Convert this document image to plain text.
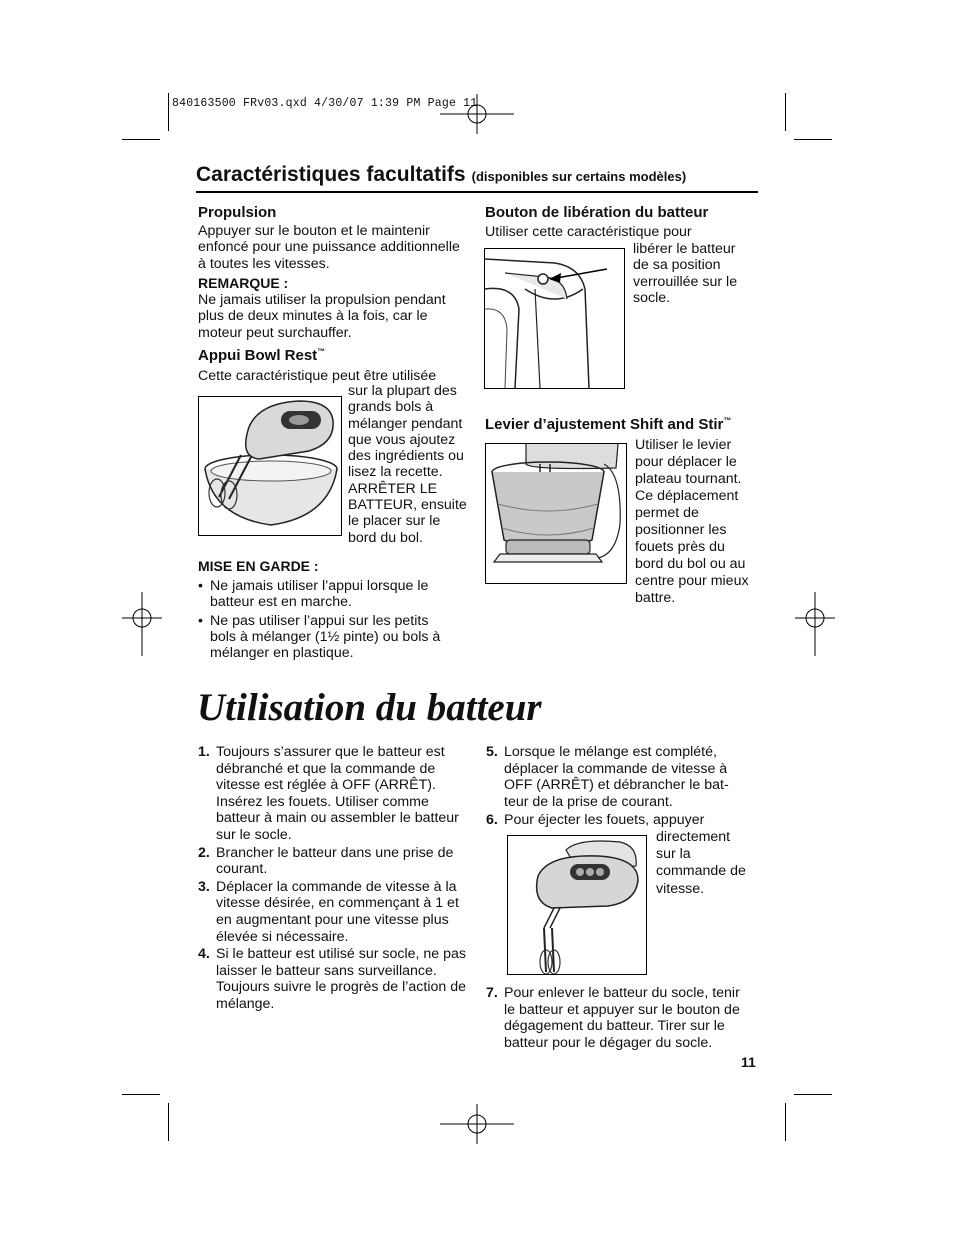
840163500 FRv03.qxd 4/30/07 1:39 PM Page 11
Caractéristiques facultatifs (disponibles sur certains modèles)
Propulsion
Appuyer sur le bouton et le maintenir enfoncé pour une puissance additionnelle à toutes les vitesses.
REMARQUE :
Ne jamais utiliser la propulsion pendant plus de deux minutes à la fois, car le moteur peut surchauffer.
Appui Bowl Rest™
Cette caractéristique peut être utilisée
sur la plupart des grands bols à mélanger pendant que vous ajoutez des ingrédients ou lisez la recette. ARRÊTER LE BATTEUR, ensuite le placer sur le bord du bol.
MISE EN GARDE :
• Ne jamais utiliser l’appui lorsque le batteur est en marche.
• Ne pas utiliser l’appui sur les petits bols à mélanger (1½ pinte) ou bols à mélanger en plastique.
Bouton de libération du batteur
Utiliser cette caractéristique pour
libérer le batteur de sa position verrouillée sur le socle.
Levier d’ajustement Shift and Stir™
Utiliser le levier pour déplacer le plateau tournant. Ce déplacement permet de positionner les fouets près du bord du bol ou au centre pour mieux battre.
Utilisation du batteur
1. Toujours s’assurer que le batteur est débranché et que la commande de vitesse est réglée à OFF (ARRÊT). Insérez les fouets. Utiliser comme batteur à main ou assembler le batteur sur le socle.
2. Brancher le batteur dans une prise de courant.
3. Déplacer la commande de vitesse à la vitesse désirée, en commençant à 1 et en augmentant pour une vitesse plus élevée si nécessaire.
4. Si le batteur est utilisé sur socle, ne pas laisser le batteur sans surveillance. Toujours suivre le progrès de l’action de mélange.
5. Lorsque le mélange est complété, déplacer la commande de vitesse à OFF (ARRÊT) et débrancher le batteur de la prise de courant.
6. Pour éjecter les fouets, appuyer
directement sur la commande de vitesse.
7. Pour enlever le batteur du socle, tenir le batteur et appuyer sur le bouton de dégagement du batteur. Tirer sur le batteur pour le dégager du socle.
11
